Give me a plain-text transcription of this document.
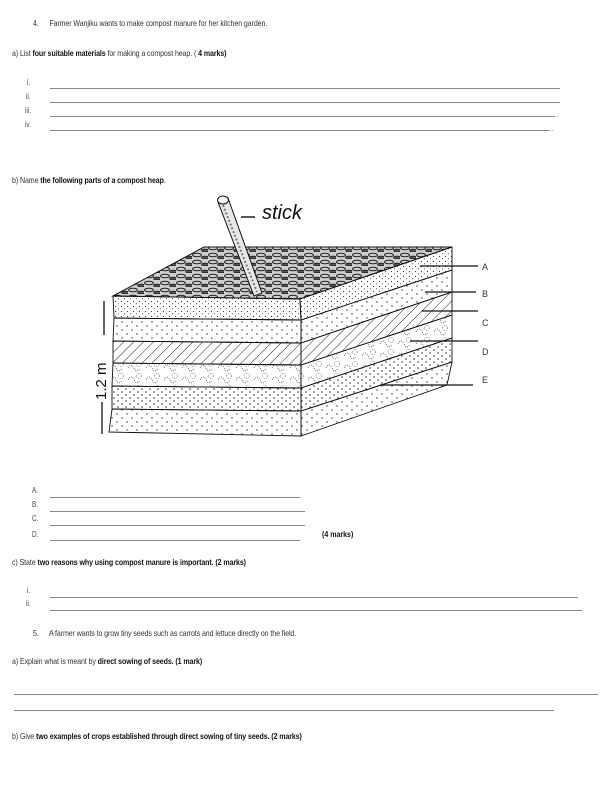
4. Farmer Wanjiku wants to make compost manure for her kitchen garden.
a) List four suitable materials for making a compost heap. ( 4 marks)
i.
ii.
iii.	.
iv.	.
b) Name the following parts of a compost heap.
stick
1.2 m
A
B
C
D
E
A.
B.
C.
D.	(4 marks)
c) State two reasons why using compost manure is important. (2 marks)
i.
ii.
5. A farmer wants to grow tiny seeds such as carrots and lettuce directly on the field.
a) Explain what is meant by direct sowing of seeds. (1 mark)
b) Give two examples of crops established through direct sowing of tiny seeds. (2 marks)
